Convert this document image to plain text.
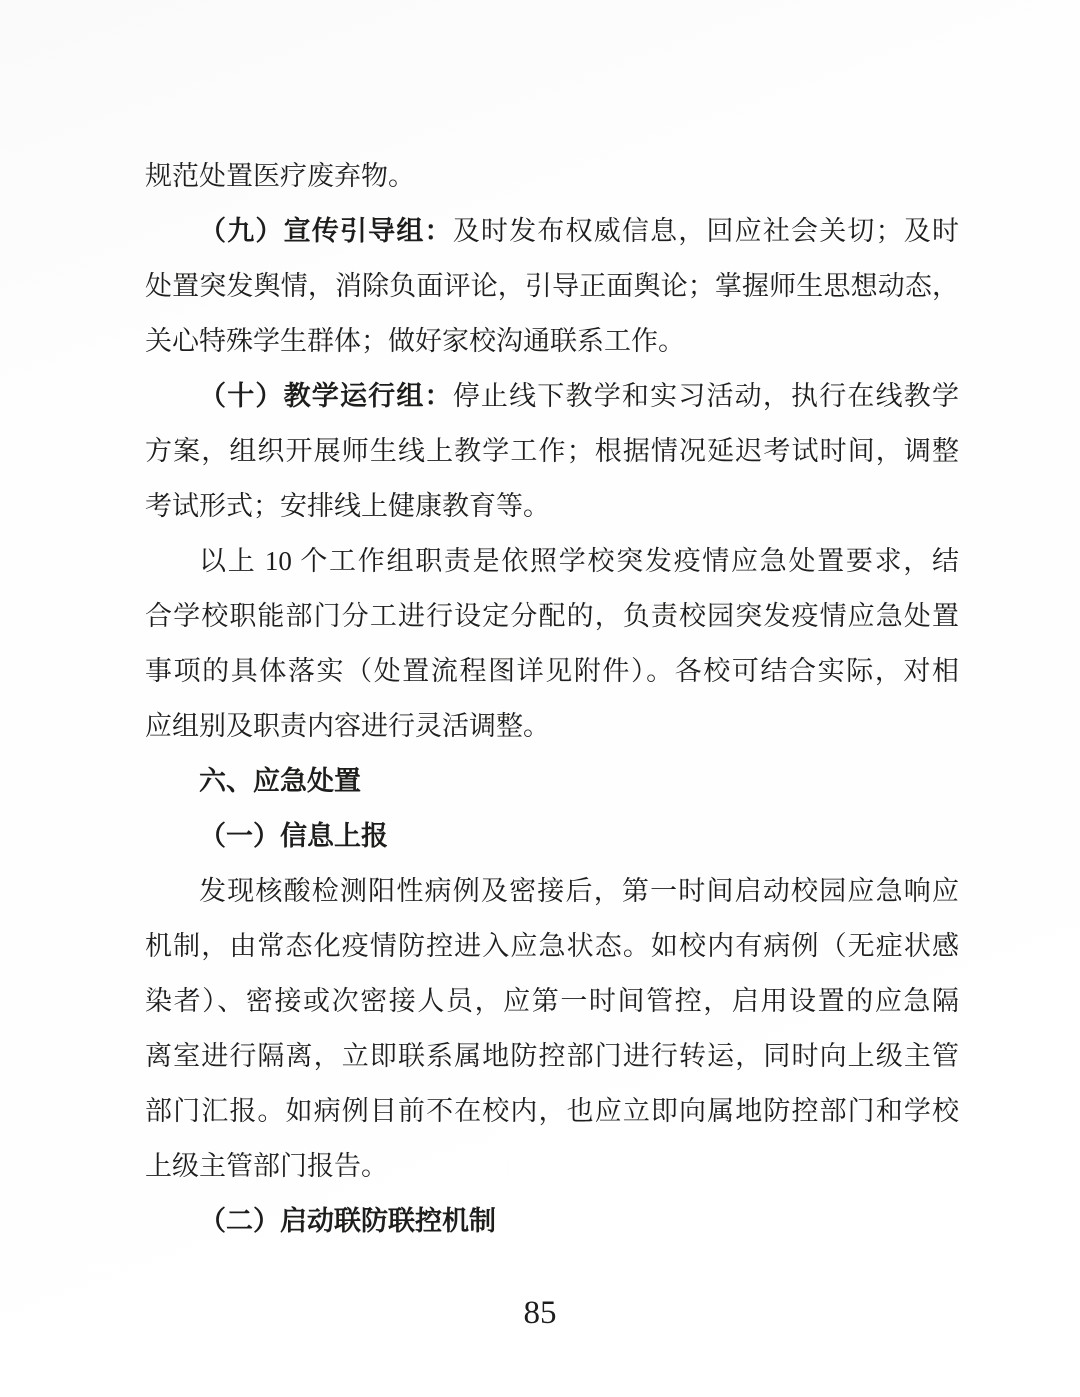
规范处置医疗废弃物。
（九）宣传引导组：及时发布权威信息，回应社会关切；及时
处置突发舆情，消除负面评论，引导正面舆论；掌握师生思想动态，
关心特殊学生群体；做好家校沟通联系工作。
（十）教学运行组：停止线下教学和实习活动，执行在线教学
方案，组织开展师生线上教学工作；根据情况延迟考试时间，调整
考试形式；安排线上健康教育等。
以上 10 个工作组职责是依照学校突发疫情应急处置要求，结
合学校职能部门分工进行设定分配的，负责校园突发疫情应急处置
事项的具体落实（处置流程图详见附件）。各校可结合实际，对相
应组别及职责内容进行灵活调整。
六、应急处置
（一）信息上报
发现核酸检测阳性病例及密接后，第一时间启动校园应急响应
机制，由常态化疫情防控进入应急状态。如校内有病例（无症状感
染者）、密接或次密接人员，应第一时间管控，启用设置的应急隔
离室进行隔离，立即联系属地防控部门进行转运，同时向上级主管
部门汇报。如病例目前不在校内，也应立即向属地防控部门和学校
上级主管部门报告。
（二）启动联防联控机制
85
